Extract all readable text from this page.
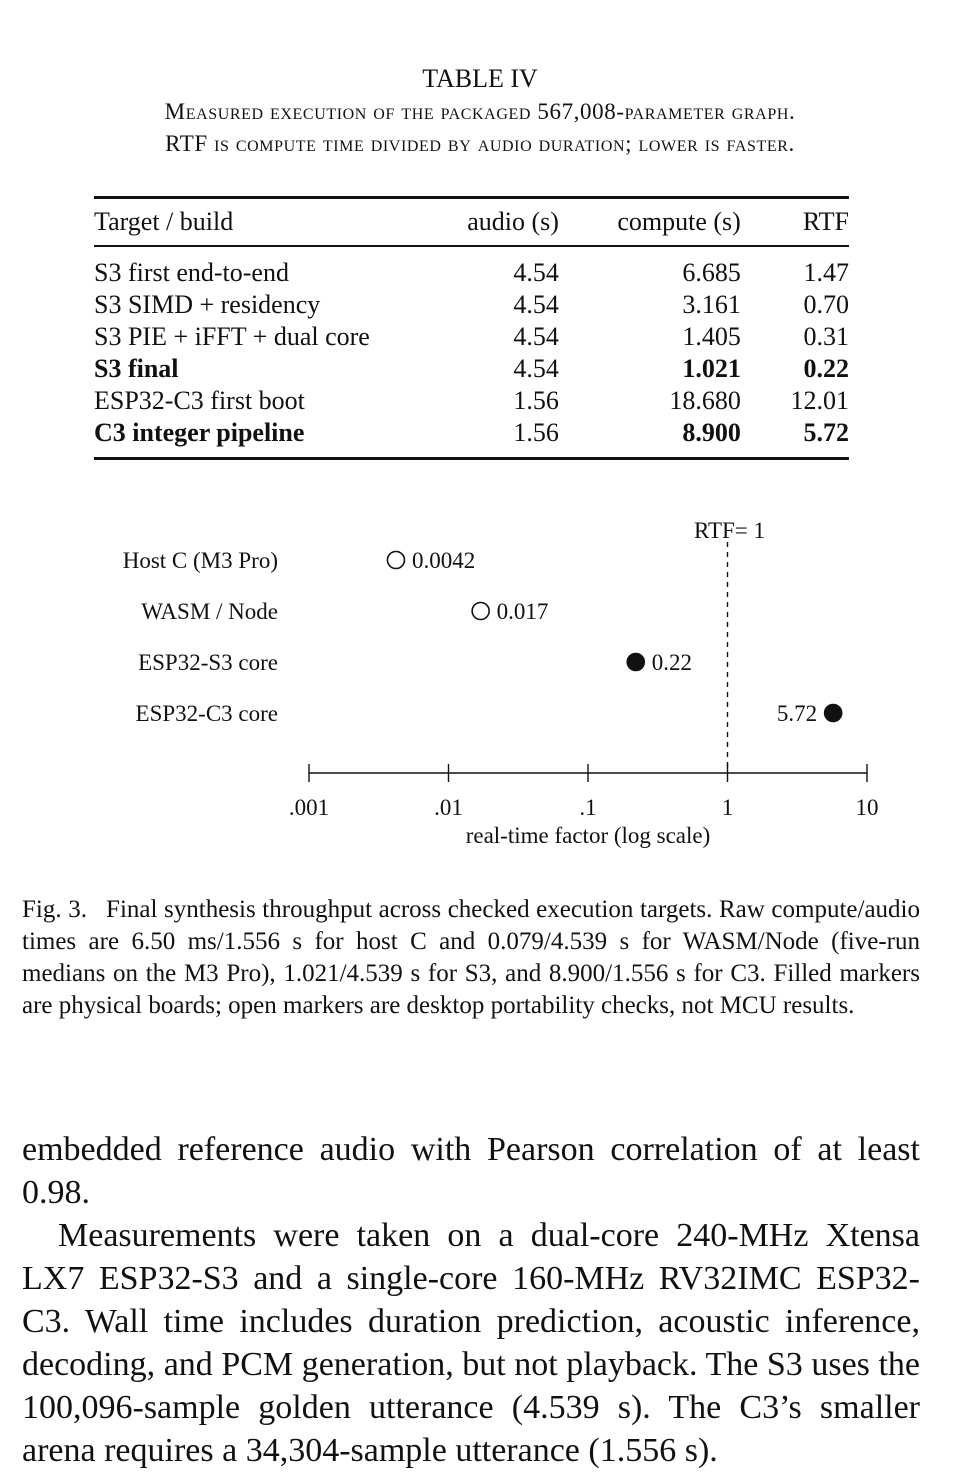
TABLE IV
Measured execution of the packaged 567,008-parameter graph.
RTF is compute time divided by audio duration; lower is faster.
Target / build	audio (s)	compute (s)	RTF
S3 first end-to-end	4.54	6.685	1.47
S3 SIMD + residency	4.54	3.161	0.70
S3 PIE + iFFT + dual core	4.54	1.405	0.31
S3 final	4.54	1.021	0.22
ESP32-C3 first boot	1.56	18.680	12.01
C3 integer pipeline	1.56	8.900	5.72
RTF= 1
.001	.01	.1	1	10
real-time factor (log scale)
Host C (M3 Pro)
WASM / Node
ESP32-S3 core
ESP32-C3 core
0.0042
0.017
0.22
5.72
Fig. 3.  Final synthesis throughput across checked execution targets. Raw compute/audio times are 6.50 ms/1.556 s for host C and 0.079/4.539 s for WASM/Node (five-run medians on the M3 Pro), 1.021/4.539 s for S3, and 8.900/1.556 s for C3. Filled markers are physical boards; open markers are desktop portability checks, not MCU results.

embedded reference audio with Pearson correlation of at least 0.98.

Measurements were taken on a dual-core 240-MHz Xtensa LX7 ESP32-S3 and a single-core 160-MHz RV32IMC ESP32-C3. Wall time includes duration prediction, acoustic inference, decoding, and PCM generation, but not playback. The S3 uses the 100,096-sample golden utterance (4.539 s). The C3’s smaller arena requires a 34,304-sample utterance (1.556 s).
